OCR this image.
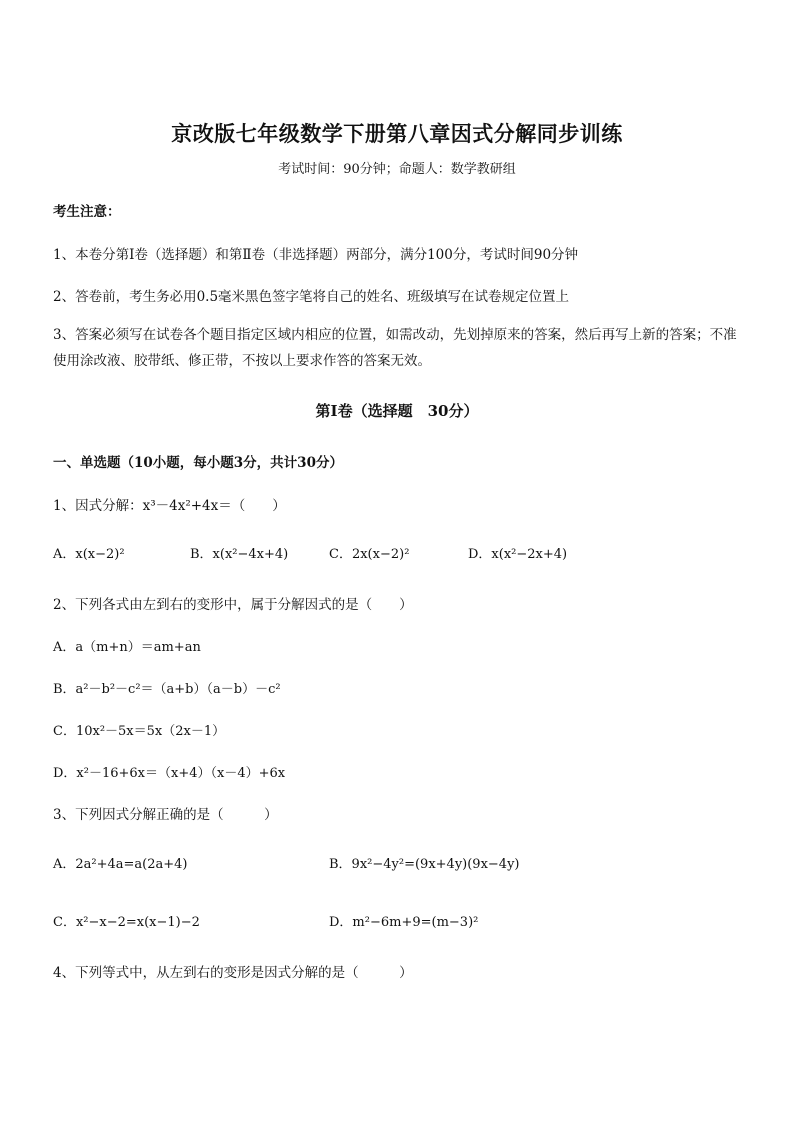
京改版七年级数学下册第八章因式分解同步训练
考试时间：90分钟；命题人：数学教研组
考生注意：
1、本卷分第Ⅰ卷（选择题）和第Ⅱ卷（非选择题）两部分，满分100分，考试时间90分钟
2、答卷前，考生务必用0.5毫米黑色签字笔将自己的姓名、班级填写在试卷规定位置上
3、答案必须写在试卷各个题目指定区域内相应的位置，如需改动，先划掉原来的答案，然后再写上新的答案；不准使用涂改液、胶带纸、修正带，不按以上要求作答的答案无效。
第Ⅰ卷（选择题　30分）
一、单选题（10小题，每小题3分，共计30分）
1、因式分解：x³－4x²+4x＝（　　）
A．x(x−2)²	B．x(x²−4x+4)	C．2x(x−2)²	D．x(x²−2x+4)
2、下列各式由左到右的变形中，属于分解因式的是（　　）
A．a（m+n）＝am+an
B．a²－b²－c²＝（a+b）（a－b）－c²
C．10x²－5x＝5x（2x－1）
D．x²－16+6x＝（x+4）（x－4）+6x
3、下列因式分解正确的是（　　　）
A．2a²+4a=a(2a+4)	B．9x²−4y²=(9x+4y)(9x−4y)
C．x²−x−2=x(x−1)−2	D．m²−6m+9=(m−3)²
4、下列等式中，从左到右的变形是因式分解的是（　　　）
